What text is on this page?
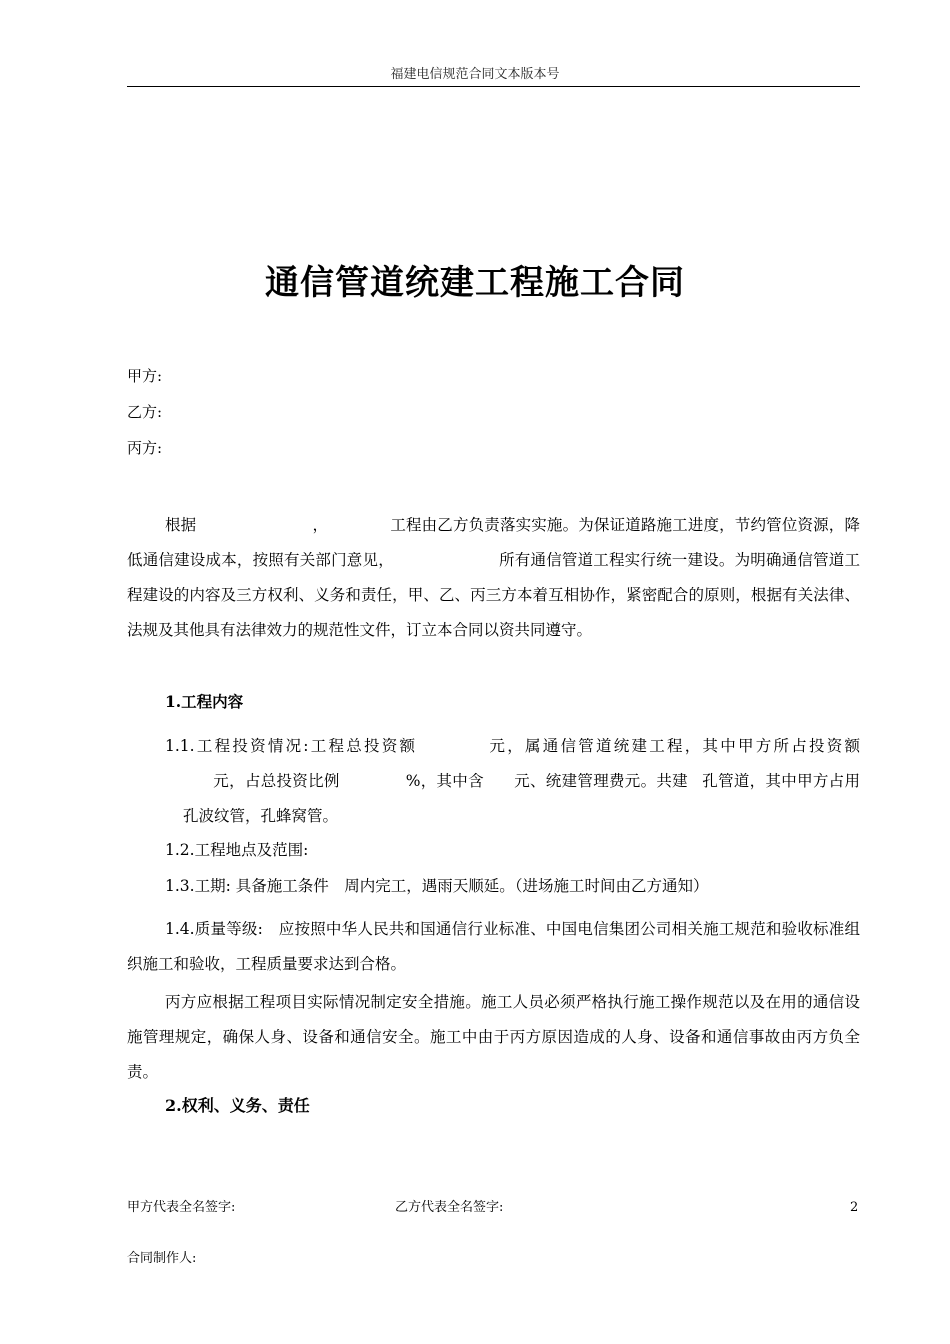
福建电信规范合同文本版本号
通信管道统建工程施工合同
甲方:
乙方:
丙方:
根据	，	工程由乙方负责落实实施。为保证道路施工进度，节约管位资源，降低通信建设成本，按照有关部门意见，	所有通信管道工程实行统一建设。为明确通信管道工程建设的内容及三方权利、义务和责任，甲、乙、丙三方本着互相协作，紧密配合的原则，根据有关法律、法规及其他具有法律效力的规范性文件，订立本合同以资共同遵守。
1.工程内容
1.1.工程投资情况:工程总投资额	元，属通信管道统建工程，其中甲方所占投资额元，占总投资比例	%，其中含 元、统建管理费元。共建 孔管道，其中甲方占用孔波纹管，孔蜂窝管。
1.2.工程地点及范围:
1.3.工期: 具备施工条件　周内完工，遇雨天顺延。（进场施工时间由乙方通知）
1.4.质量等级:　应按照中华人民共和国通信行业标准、中国电信集团公司相关施工规范和验收标准组织施工和验收，工程质量要求达到合格。
丙方应根据工程项目实际情况制定安全措施。施工人员必须严格执行施工操作规范以及在用的通信设施管理规定，确保人身、设备和通信安全。施工中由于丙方原因造成的人身、设备和通信事故由丙方负全责。
2.权利、义务、责任
甲方代表全名签字:	乙方代表全名签字:	2
合同制作人:
